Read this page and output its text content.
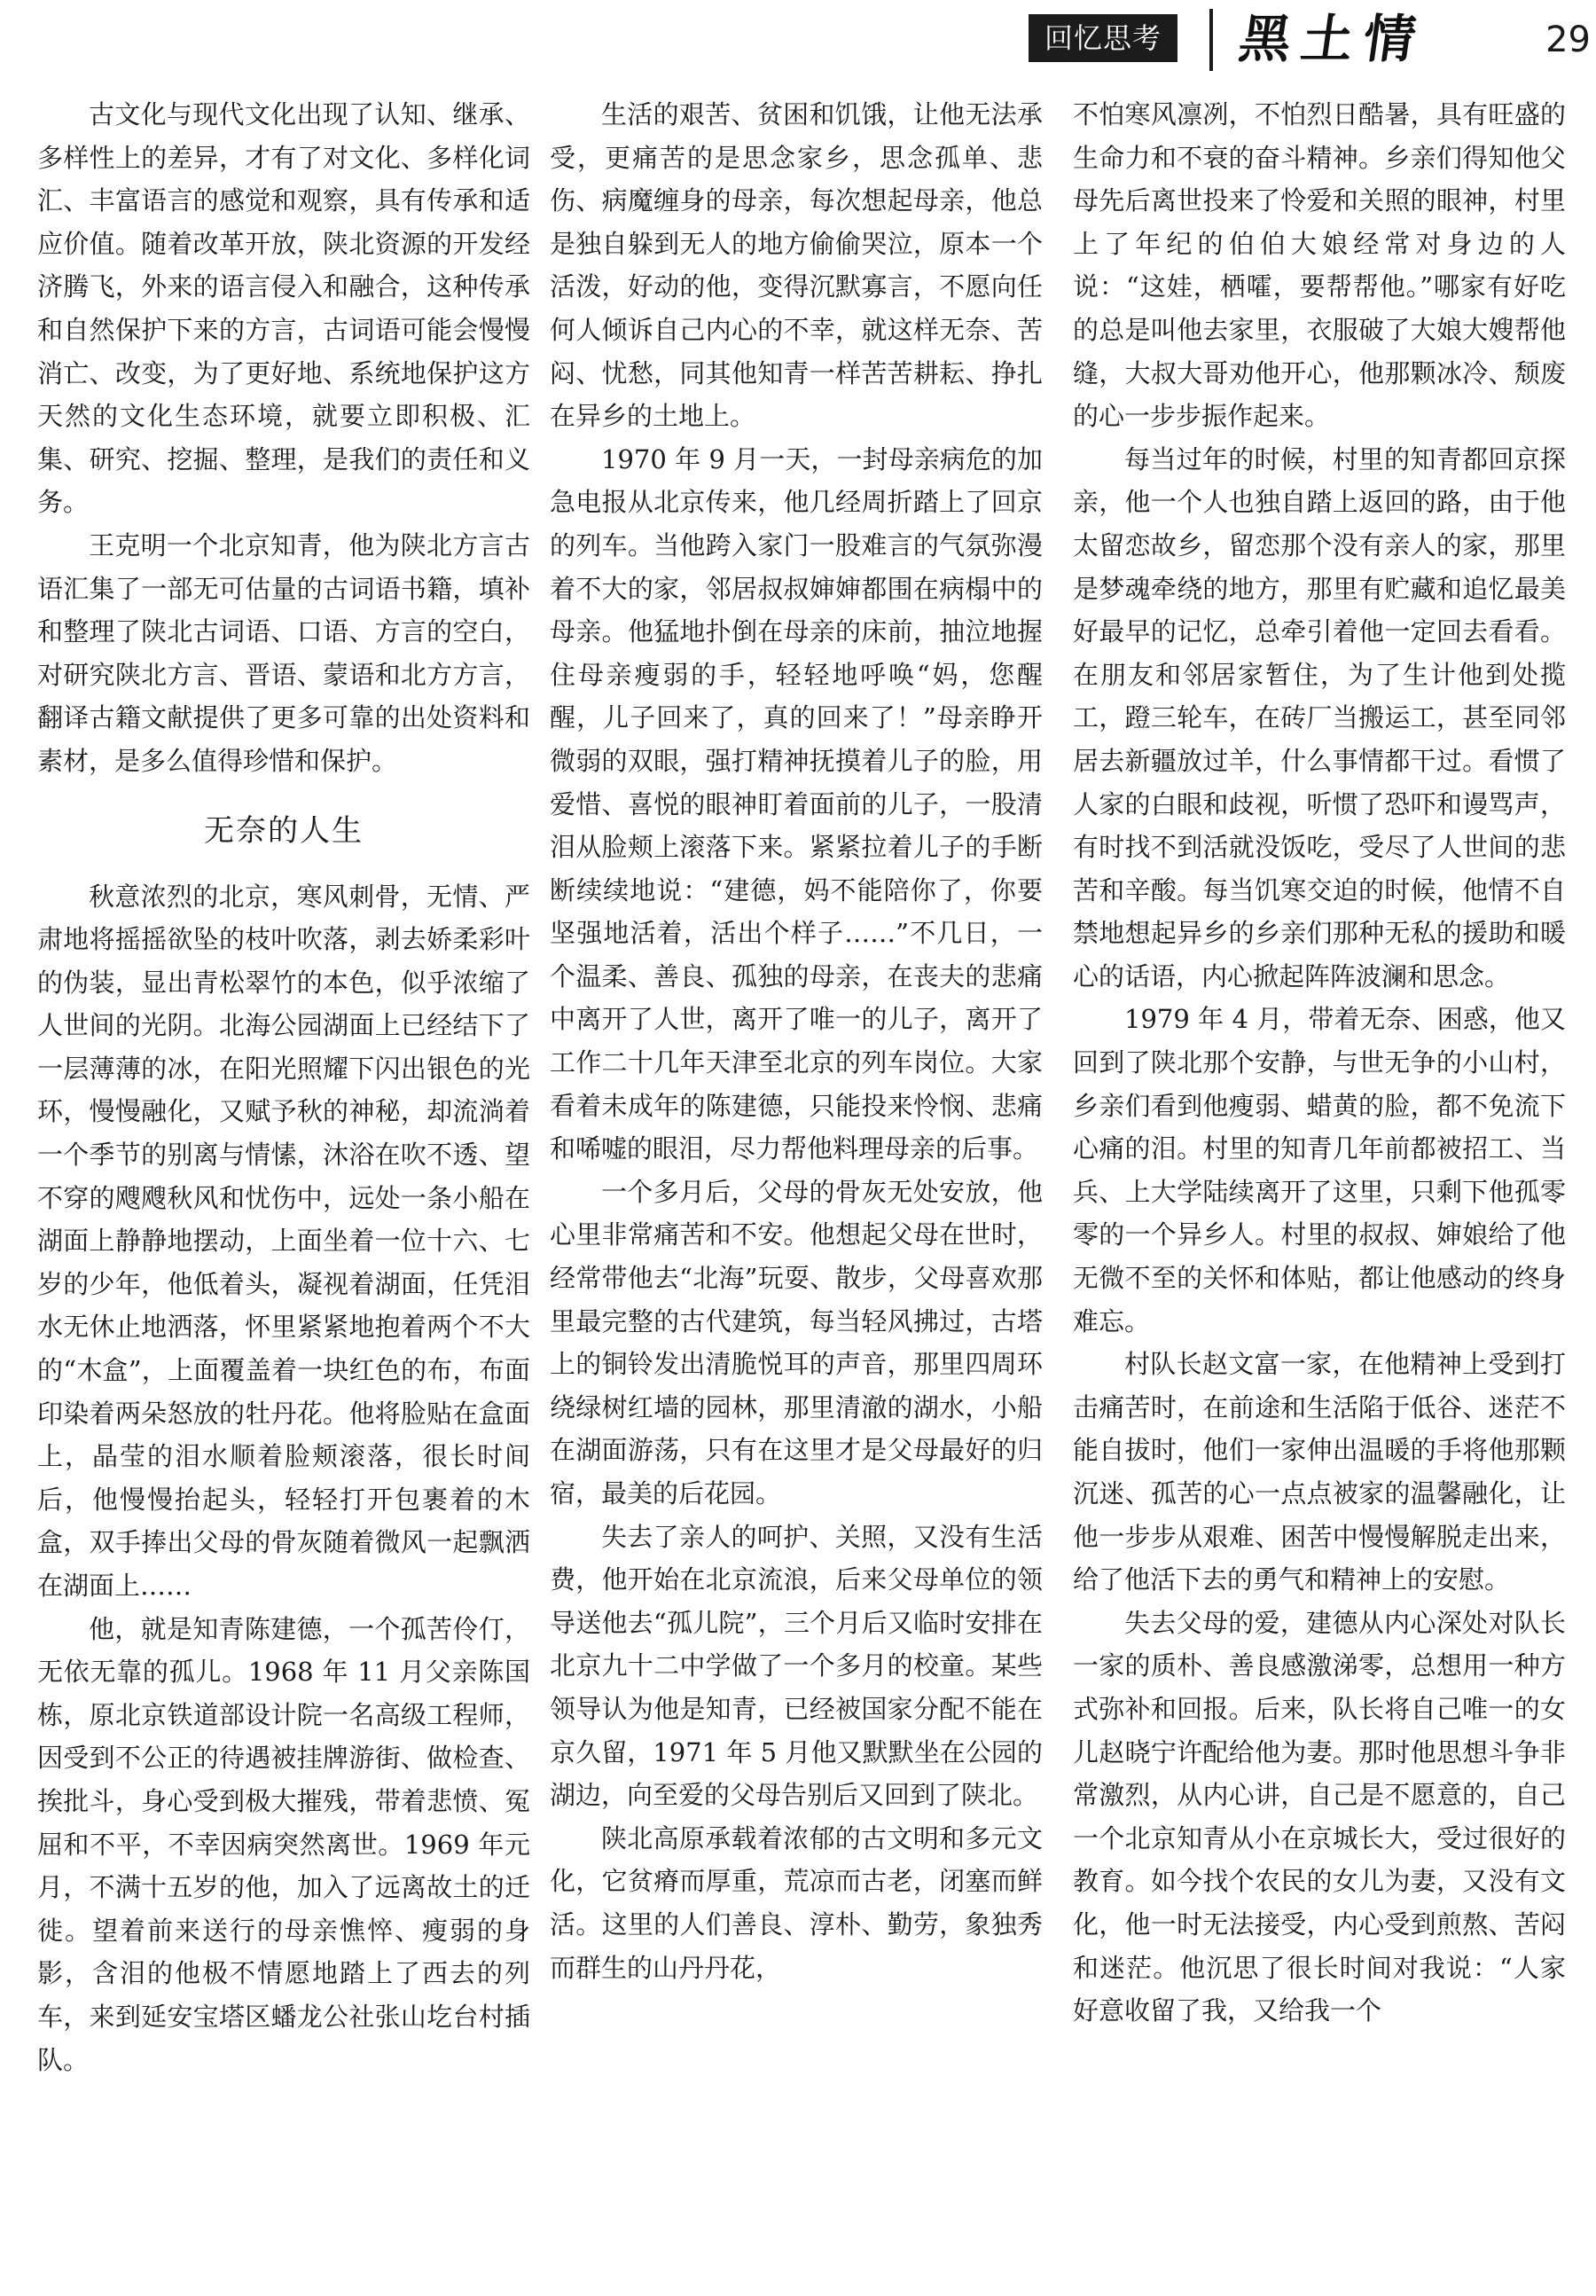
回忆思考	黑土情	29

古文化与现代文化出现了认知、继承、多样性上的差异，才有了对文化、多样化词汇、丰富语言的感觉和观察，具有传承和适应价值。随着改革开放，陕北资源的开发经济腾飞，外来的语言侵入和融合，这种传承和自然保护下来的方言，古词语可能会慢慢消亡、改变，为了更好地、系统地保护这方天然的文化生态环境，就要立即积极、汇集、研究、挖掘、整理，是我们的责任和义务。

王克明一个北京知青，他为陕北方言古语汇集了一部无可估量的古词语书籍，填补和整理了陕北古词语、口语、方言的空白，对研究陕北方言、晋语、蒙语和北方方言，翻译古籍文献提供了更多可靠的出处资料和素材，是多么值得珍惜和保护。

无奈的人生

秋意浓烈的北京，寒风刺骨，无情、严肃地将摇摇欲坠的枝叶吹落，剥去娇柔彩叶的伪装，显出青松翠竹的本色，似乎浓缩了人世间的光阴。北海公园湖面上已经结下了一层薄薄的冰，在阳光照耀下闪出银色的光环，慢慢融化，又赋予秋的神秘，却流淌着一个季节的别离与情愫，沐浴在吹不透、望不穿的飕飕秋风和忧伤中，远处一条小船在湖面上静静地摆动，上面坐着一位十六、七岁的少年，他低着头，凝视着湖面，任凭泪水无休止地洒落，怀里紧紧地抱着两个不大的“木盒”，上面覆盖着一块红色的布，布面印染着两朵怒放的牡丹花。他将脸贴在盒面上，晶莹的泪水顺着脸颊滚落，很长时间后，他慢慢抬起头，轻轻打开包裹着的木盒，双手捧出父母的骨灰随着微风一起飘洒在湖面上……

他，就是知青陈建德，一个孤苦伶仃，无依无靠的孤儿。1968 年 11 月父亲陈国栋，原北京铁道部设计院一名高级工程师，因受到不公正的待遇被挂牌游街、做检查、挨批斗，身心受到极大摧残，带着悲愤、冤屈和不平，不幸因病突然离世。1969 年元月，不满十五岁的他，加入了远离故土的迁徙。望着前来送行的母亲憔悴、瘦弱的身影，含泪的他极不情愿地踏上了西去的列车，来到延安宝塔区蟠龙公社张山圪台村插队。

生活的艰苦、贫困和饥饿，让他无法承受，更痛苦的是思念家乡，思念孤单、悲伤、病魔缠身的母亲，每次想起母亲，他总是独自躲到无人的地方偷偷哭泣，原本一个活泼，好动的他，变得沉默寡言，不愿向任何人倾诉自己内心的不幸，就这样无奈、苦闷、忧愁，同其他知青一样苦苦耕耘、挣扎在异乡的土地上。

1970 年 9 月一天，一封母亲病危的加急电报从北京传来，他几经周折踏上了回京的列车。当他跨入家门一股难言的气氛弥漫着不大的家，邻居叔叔婶婶都围在病榻中的母亲。他猛地扑倒在母亲的床前，抽泣地握住母亲瘦弱的手，轻轻地呼唤“妈，您醒醒，儿子回来了，真的回来了！”母亲睁开微弱的双眼，强打精神抚摸着儿子的脸，用爱惜、喜悦的眼神盯着面前的儿子，一股清泪从脸颊上滚落下来。紧紧拉着儿子的手断断续续地说：“建德，妈不能陪你了，你要坚强地活着，活出个样子……”不几日，一个温柔、善良、孤独的母亲，在丧夫的悲痛中离开了人世，离开了唯一的儿子，离开了工作二十几年天津至北京的列车岗位。大家看着未成年的陈建德，只能投来怜悯、悲痛和唏嘘的眼泪，尽力帮他料理母亲的后事。

一个多月后，父母的骨灰无处安放，他心里非常痛苦和不安。他想起父母在世时，经常带他去“北海”玩耍、散步，父母喜欢那里最完整的古代建筑，每当轻风拂过，古塔上的铜铃发出清脆悦耳的声音，那里四周环绕绿树红墙的园林，那里清澈的湖水，小船在湖面游荡，只有在这里才是父母最好的归宿，最美的后花园。

失去了亲人的呵护、关照，又没有生活费，他开始在北京流浪，后来父母单位的领导送他去“孤儿院”，三个月后又临时安排在北京九十二中学做了一个多月的校童。某些领导认为他是知青，已经被国家分配不能在京久留，1971 年 5 月他又默默坐在公园的湖边，向至爱的父母告别后又回到了陕北。

陕北高原承载着浓郁的古文明和多元文化，它贫瘠而厚重，荒凉而古老，闭塞而鲜活。这里的人们善良、淳朴、勤劳，象独秀而群生的山丹丹花，

不怕寒风凛冽，不怕烈日酷暑，具有旺盛的生命力和不衰的奋斗精神。乡亲们得知他父母先后离世投来了怜爱和关照的眼神，村里上了年纪的伯伯大娘经常对身边的人说：“这娃，栖嚯，要帮帮他。”哪家有好吃的总是叫他去家里，衣服破了大娘大嫂帮他缝，大叔大哥劝他开心，他那颗冰冷、颓废的心一步步振作起来。

每当过年的时候，村里的知青都回京探亲，他一个人也独自踏上返回的路，由于他太留恋故乡，留恋那个没有亲人的家，那里是梦魂牵绕的地方，那里有贮藏和追忆最美好最早的记忆，总牵引着他一定回去看看。在朋友和邻居家暂住，为了生计他到处揽工，蹬三轮车，在砖厂当搬运工，甚至同邻居去新疆放过羊，什么事情都干过。看惯了人家的白眼和歧视，听惯了恐吓和谩骂声，有时找不到活就没饭吃，受尽了人世间的悲苦和辛酸。每当饥寒交迫的时候，他情不自禁地想起异乡的乡亲们那种无私的援助和暖心的话语，内心掀起阵阵波澜和思念。

1979 年 4 月，带着无奈、困惑，他又回到了陕北那个安静，与世无争的小山村，乡亲们看到他瘦弱、蜡黄的脸，都不免流下心痛的泪。村里的知青几年前都被招工、当兵、上大学陆续离开了这里，只剩下他孤零零的一个异乡人。村里的叔叔、婶娘给了他无微不至的关怀和体贴，都让他感动的终身难忘。

村队长赵文富一家，在他精神上受到打击痛苦时，在前途和生活陷于低谷、迷茫不能自拔时，他们一家伸出温暖的手将他那颗沉迷、孤苦的心一点点被家的温馨融化，让他一步步从艰难、困苦中慢慢解脱走出来，给了他活下去的勇气和精神上的安慰。

失去父母的爱，建德从内心深处对队长一家的质朴、善良感激涕零，总想用一种方式弥补和回报。后来，队长将自己唯一的女儿赵晓宁许配给他为妻。那时他思想斗争非常激烈，从内心讲，自己是不愿意的，自己一个北京知青从小在京城长大，受过很好的教育。如今找个农民的女儿为妻，又没有文化，他一时无法接受，内心受到煎熬、苦闷和迷茫。他沉思了很长时间对我说：“人家好意收留了我，又给我一个
